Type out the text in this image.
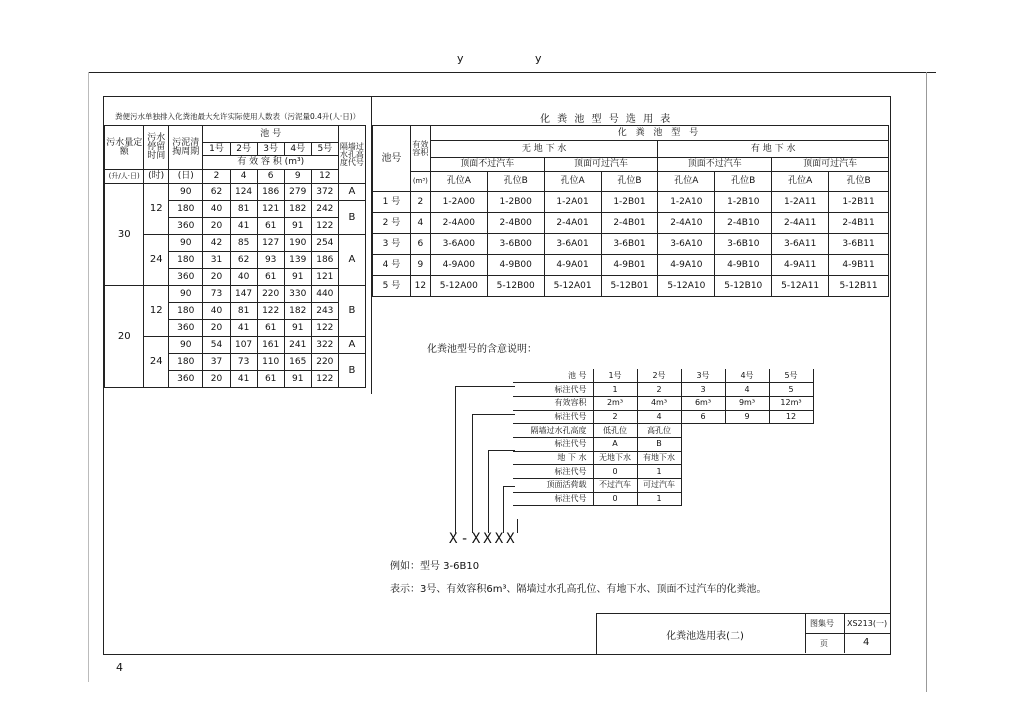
y	y
粪便污水单独排入化粪池最大允许实际使用人数表（污泥量0.4升(人·日)）
污水量定额	污水停留时间	污泥清掏周期	池 号					隔墙过水孔高度代号
			1号	2号	3号	4号	5号	
			有 效 容 积 (m³)					
(升/人·日)	(时)	(日)	2	4	6	9	12	
30	12	90	62	124	186	279	372	A
		180	40	81	121	182	242	B
		360	20	41	61	91	122	
	24	90	42	85	127	190	254	A
		180	31	62	93	139	186	
		360	20	40	61	91	121	
20	12	90	73	147	220	330	440	B
		180	40	81	122	182	243	
		360	20	41	61	91	122	
	24	90	54	107	161	241	322	A
		180	37	73	110	165	220	B
		360	20	41	61	91	122	
化 粪 池 型 号 选 用 表
池号	有效容积	化 粪 池 型 号							
		无 地 下 水				有 地 下 水			
		顶面不过汽车		顶面可过汽车		顶面不过汽车		顶面可过汽车	
	(m³)	孔位A	孔位B	孔位A	孔位B	孔位A	孔位B	孔位A	孔位B
1 号	2	1-2A00	1-2B00	1-2A01	1-2B01	1-2A10	1-2B10	1-2A11	1-2B11
2 号	4	2-4A00	2-4B00	2-4A01	2-4B01	2-4A10	2-4B10	2-4A11	2-4B11
3 号	6	3-6A00	3-6B00	3-6A01	3-6B01	3-6A10	3-6B10	3-6A11	3-6B11
4 号	9	4-9A00	4-9B00	4-9A01	4-9B01	4-9A10	4-9B10	4-9A11	4-9B11
5 号	12	5-12A00	5-12B00	5-12A01	5-12B01	5-12A10	5-12B10	5-12A11	5-12B11
化粪池型号的含意说明：
池 号	1号	2号	3号	4号	5号
标注代号	1	2	3	4	5
有效容积	2m³	4m³	6m³	9m³	12m³
标注代号	2	4	6	9	12
隔墙过水孔高度	低孔位	高孔位			
标注代号	A	B			
地 下 水	无地下水	有地下水			
标注代号	0	1			
顶面活荷载	不过汽车	可过汽车			
标注代号	0	1			
X-XXXX
例如：型号 3-6B10
表示：3号、有效容积6m³、隔墙过水孔高孔位、有地下水、顶面不过汽车的化粪池。
化粪池选用表(二)
图集号 XS213(一)
页	4
4
